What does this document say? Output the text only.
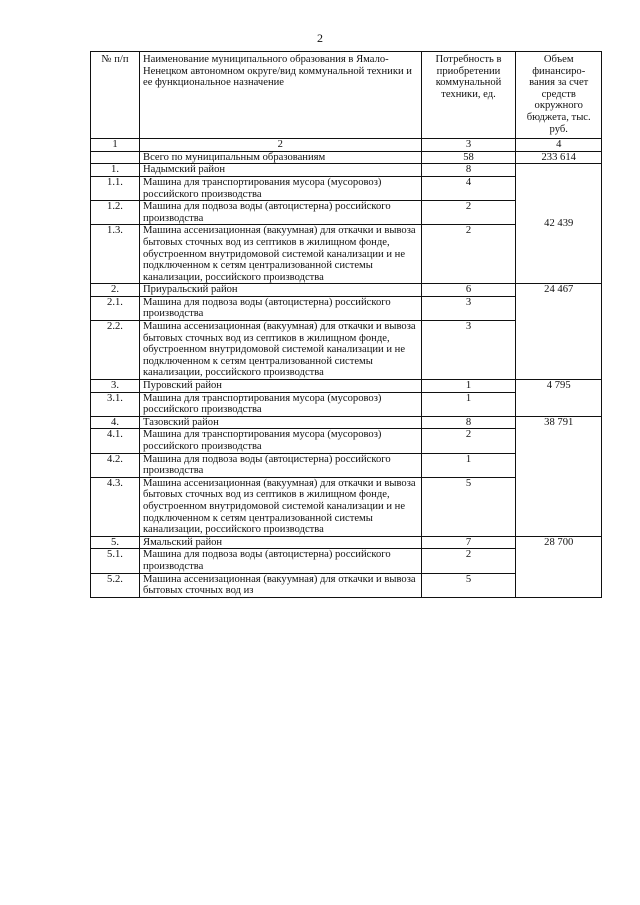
2
№ п/п	Наименование муниципального образования в Ямало-Ненецком автономном округе/вид коммунальной техники и ее функциональное назначение	Потребность в приобретении коммунальной техники, ед.	Объем финансиро-вания за счет средств окружного бюджета, тыс. руб.
1	2	3	4
	Всего по муниципальным образованиям	58	233 614
1.	Надымский район	8	42 439
1.1.	Машина для транспортирования мусора (мусоровоз) российского производства	4	
1.2.	Машина для подвоза воды (автоцистерна) российского производства	2	
1.3.	Машина ассенизационная (вакуумная) для откачки и вывоза бытовых сточных вод из септиков в жилищном фонде, обустроенном внутридомовой системой канализации и не подключенном к сетям централизованной системы канализации, российского производства	2	
2.	Приуральский район	6	24 467
2.1.	Машина для подвоза воды (автоцистерна) российского производства	3	
2.2.	Машина ассенизационная (вакуумная) для откачки и вывоза бытовых сточных вод из септиков в жилищном фонде, обустроенном внутридомовой системой канализации и не подключенном к сетям централизованной системы канализации, российского производства	3	
3.	Пуровский район	1	4 795
3.1.	Машина для транспортирования мусора (мусоровоз) российского производства	1	
4.	Тазовский район	8	38 791
4.1.	Машина для транспортирования мусора (мусоровоз) российского производства	2	
4.2.	Машина для подвоза воды (автоцистерна) российского производства	1	
4.3.	Машина ассенизационная (вакуумная) для откачки и вывоза бытовых сточных вод из септиков в жилищном фонде, обустроенном внутридомовой системой канализации и не подключенном к сетям централизованной системы канализации, российского производства	5	
5.	Ямальский район	7	28 700
5.1.	Машина для подвоза воды (автоцистерна) российского производства	2	
5.2.	Машина ассенизационная (вакуумная) для откачки и вывоза бытовых сточных вод из	5	
